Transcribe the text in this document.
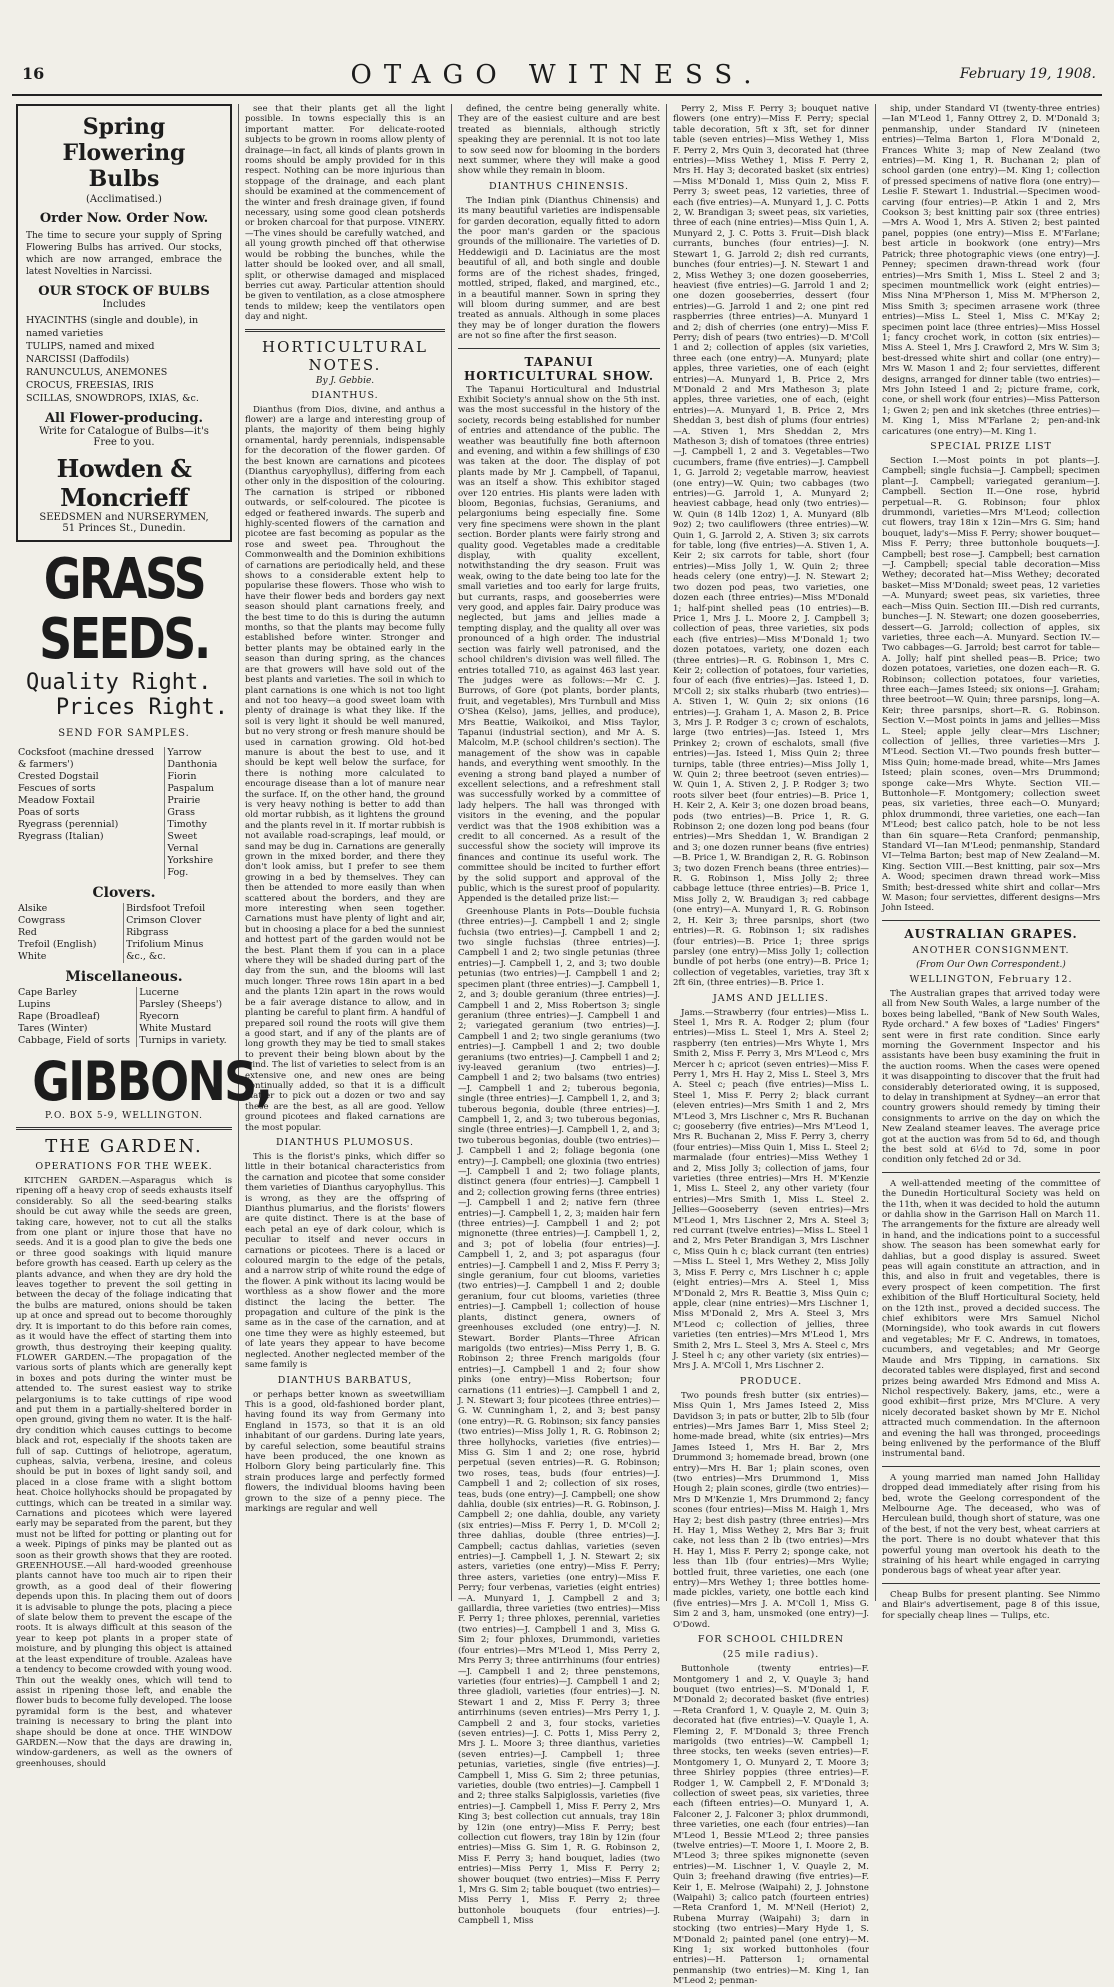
16	OTAGO WITNESS.	February 19, 1908.
Spring Flowering Bulbs
(Acclimatised.)
Order Now. Order Now.
The time to secure your supply of Spring Flowering Bulbs has arrived. Our stocks, which are now arranged, embrace the latest Novelties in Narcissi.
OUR STOCK OF BULBS
Includes
HYACINTHS (single and double), in named varieties
TULIPS, named and mixed
NARCISSI (Daffodils)
RANUNCULUS, ANEMONES
CROCUS, FREESIAS, IRIS
SCILLAS, SNOWDROPS, IXIAS, &c.
All Flower-producing.
Write for Catalogue of Bulbs—it's Free to you.
Howden & Moncrieff
SEEDSMEN and NURSERYMEN,
51 Princes St., Dunedin.
GRASS SEEDS.
Quality Right.
Prices Right.
SEND FOR SAMPLES.
Cocksfoot (machine dressed & farmers')
Crested Dogstail
Fescues of sorts
Meadow Foxtail
Poas of sorts
Ryegrass (perennial)
Ryegrass (Italian)

Yarrow
Danthonia
Fiorin
Paspalum
Prairie Grass
Timothy
Sweet Vernal
Yorkshire Fog.
Clovers.
Alsike
Cowgrass
Red
Trefoil (English)
White

Birdsfoot Trefoil
Crimson Clover
Ribgrass
Trifolium Minus
&c., &c.
Miscellaneous.
Cape Barley
Lupins
Rape (Broadleaf)
Tares (Winter)
Cabbage, Field of sorts

Lucerne
Parsley (Sheeps')
Ryecorn
White Mustard
Turnips in variety.
GIBBONS,
P.O. BOX 5-9, WELLINGTON.
THE GARDEN.
OPERATIONS FOR THE WEEK.

KITCHEN GARDEN.—Asparagus which is ripening off a heavy crop of seeds exhausts itself considerably. So all the seed-bearing stalks should be cut away while the seeds are green, taking care, however, not to cut all the stalks from one plant or injure those that have no seeds. And it is a good plan to give the beds one or three good soakings with liquid manure before growth has ceased. Earth up celery as the plants advance, and when they are dry hold the leaves together to prevent the soil getting in between the decay of the foliage indicating that the bulbs are matured, onions should be taken up at once and spread out to become thoroughly dry. It is important to do this before rain comes, as it would have the effect of starting them into growth, thus destroying their keeping quality. FLOWER GARDEN.—The propagation of the various sorts of plants which are generally kept in boxes and pots during the winter must be attended to. The surest easiest way to strike pelargoniums is to take cuttings of ripe wood and put them in a partially-sheltered border in open ground, giving them no water. It is the half-dry condition which causes cuttings to become black and rot, especially if the shoots taken are full of sap. Cuttings of heliotrope, ageratum, cupheas, salvia, verbena, iresine, and coleus should be put in boxes of light sandy soil, and placed in a close frame with a slight bottom heat. Choice hollyhocks should be propagated by cuttings, which can be treated in a similar way. Carnations and picotees which were layered early may be separated from the parent, but they must not be lifted for potting or planting out for a week. Pipings of pinks may be planted out as soon as their growth shows that they are rooted. GREENHOUSE.—All hard-wooded greenhouse plants cannot have too much air to ripen their growth, as a good deal of their flowering depends upon this. In placing them out of doors it is advisable to plunge the pots, placing a piece of slate below them to prevent the escape of the roots. It is always difficult at this season of the year to keep pot plants in a proper state of moisture, and by plunging this object is attained at the least expenditure of trouble. Azaleas have a tendency to become crowded with young wood. Thin out the weakly ones, which will tend to assist in ripening those left, and enable the flower buds to become fully developed. The loose pyramidal form is the best, and whatever training is necessary to bring the plant into shape should be done at once. THE WINDOW GARDEN.—Now that the days are drawing in, window-gardeners, as well as the owners of greenhouses, should

see that their plants get all the light possible. In towns especially this is an important matter. For delicate-rooted subjects to be grown in rooms allow plenty of drainage—in fact, all kinds of plants grown in rooms should be amply provided for in this respect. Nothing can be more injurious than stoppage of the drainage, and each plant should be examined at the commencement of the winter and fresh drainage given, if found necessary, using some good clean potsherds or broken charcoal for that purpose. VINERY.—The vines should be carefully watched, and all young growth pinched off that otherwise would be robbing the bunches, while the latter should be looked over, and all small, split, or otherwise damaged and misplaced berries cut away. Particular attention should be given to ventilation, as a close atmosphere tends to mildew; keep the ventilators open day and night.

HORTICULTURAL NOTES.
By J. Gebbie.
DIANTHUS.

Dianthus (from Dios, divine, and anthus a flower) are a large and interesting group of plants, the majority of them being highly ornamental, hardy perennials, indispensable for the decoration of the flower garden. Of the best known are carnations and picotees (Dianthus caryophyllus), differing from each other only in the disposition of the colouring. The carnation is striped or ribboned outwards, or self-coloured. The picotee is edged or feathered inwards. The superb and highly-scented flowers of the carnation and picotee are fast becoming as popular as the rose and sweet pea. Throughout the Commonwealth and the Dominion exhibitions of carnations are periodically held, and these shows to a considerable extent help to popularise these flowers. Those who wish to have their flower beds and borders gay next season should plant carnations freely, and the best time to do this is during the autumn months, so that the plants may become fully established before winter. Stronger and better plants may be obtained early in the season than during spring, as the chances are that growers will have sold out of the best plants and varieties. The soil in which to plant carnations is one which is not too light and not too heavy—a good sweet loam with plenty of drainage is what they like. If the soil is very light it should be well manured, but no very strong or fresh manure should be used in carnation growing. Old hot-bed manure is about the best to use, and it should be kept well below the surface, for there is nothing more calculated to encourage disease than a lot of manure near the surface. If, on the other hand, the ground is very heavy nothing is better to add than old mortar rubbish, as it lightens the ground and the plants revel in it. If mortar rubbish is not available road-scrapings, leaf mould, or sand may be dug in. Carnations are generally grown in the mixed border, and there they don't look amiss, but I prefer to see them growing in a bed by themselves. They can then be attended to more easily than when scattered about the borders, and they are more interesting when seen together. Carnations must have plenty of light and air, but in choosing a place for a bed the sunniest and hottest part of the garden would not be the best. Plant them if you can in a place where they will be shaded during part of the day from the sun, and the blooms will last much longer. Three rows 18in apart in a bed and the plants 12in apart in the rows would be a fair average distance to allow, and in planting be careful to plant firm. A handful of prepared soil round the roots will give them a good start, and if any of the plants are of long growth they may be tied to small stakes to prevent their being blown about by the wind. The list of varieties to select from is an extensive one, and new ones are being continually added, so that it is a difficult matter to pick out a dozen or two and say these are the best, as all are good. Yellow ground picotees and flaked carnations are the most popular.

DIANTHUS PLUMOSUS.

This is the florist's pinks, which differ so little in their botanical characteristics from the carnation and picotee that some consider them varieties of Dianthus caryophyllus. This is wrong, as they are the offspring of Dianthus plumarius, and the florists' flowers are quite distinct. There is at the base of each petal an eye of dark colour, which is peculiar to itself and never occurs in carnations or picotees. There is a laced or coloured margin to the edge of the petals, and a narrow strip of white round the edge of the flower. A pink without its lacing would be worthless as a show flower and the more distinct the lacing the better. The propagation and culture of the pink is the same as in the case of the carnation, and at one time they were as highly esteemed, but of late years they appear to have become neglected. Another neglected member of the same family is

DIANTHUS BARBATUS,

or perhaps better known as sweetwilliam This is a good, old-fashioned border plant, having found its way from Germany into England in 1573, so that it is an old inhabitant of our gardens. During late years, by careful selection, some beautiful strains have been produced, the one known as Holborn Glory being particularly fine. This strain produces large and perfectly formed flowers, the individual blooms having been grown to the size of a penny piece. The markings are regular and well

defined, the centre being generally white. They are of the easiest culture and are best treated as biennials, although strictly speaking they are perennial. It is not too late to sow seed now for blooming in the borders next summer, where they will make a good show while they remain in bloom.

DIANTHUS CHINENSIS.

The Indian pink (Dianthus Chinensis) and its many beautiful varieties are indispensable for garden decoration, equally fitted to adorn the poor man's garden or the spacious grounds of the millionaire. The varieties of D. Heddewigii and D. Laciniatus are the most beautiful of all, and both single and double forms are of the richest shades, fringed, mottled, striped, flaked, and margined, etc., in a beautiful manner. Sown in spring they will bloom during summer, and are best treated as annuals. Although in some places they may be of longer duration the flowers are not so fine after the first season.

TAPANUI HORTICULTURAL SHOW.

The Tapanui Horticultural and Industrial Exhibit Society's annual show on the 5th inst. was the most successful in the history of the society, records being established for number of entries and attendance of the public. The weather was beautifully fine both afternoon and evening, and within a few shillings of £30 was taken at the door. The display of pot plants made by Mr J. Campbell, of Tapanui, was an itself a show. This exhibitor staged over 120 entries. His plants were laden with bloom, Begonias, fuchsias, Geraniums, and pelargoniums being especially fine. Some very fine specimens were shown in the plant section. Border plants were fairly strong and quality good. Vegetables made a creditable display, with quality excellent, notwithstanding the dry season. Fruit was weak, owing to the date being too late for the small varieties and too early for large fruits, but currants, rasps, and gooseberries were very good, and apples fair. Dairy produce was neglected, but jams and jellies made a tempting display, and the quality all over was pronounced of a high order. The industrial section was fairly well patronised, and the school children's division was well filled. The entries totalled 710, as against 463 last year. The judges were as follows:—Mr C. J. Burrows, of Gore (pot plants, border plants, fruit, and vegetables), Mrs Turnbull and Miss O'Shea (Kelso), jams, jellies, and produce), Mrs Beattie, Waikoikoi, and Miss Taylor, Tapanui (industrial section), and Mr A. S. Malcolm, M.P. (school children's section). The management of the show was in capable hands, and everything went smoothly. In the evening a strong band played a number of excellent selections, and a refreshment stall was successfully worked by a committee of lady helpers. The hall was thronged with visitors in the evening, and the popular verdict was that the 1908 exhibition was a credit to all concerned. As a result of the successful show the society will improve its finances and continue its useful work. The committee should be incited to further effort by the solid support and approval of the public, which is the surest proof of popularity. Appended is the detailed prize list:—

Greenhouse Plants in Pots—Double fuchsia (three entries)—J. Campbell 1 and 2; single fuchsia (two entries)—J. Campbell 1 and 2; two single fuchsias (three entries)—J. Campbell 1 and 2; two single petunias (three entries)—J. Campbell 1, 2, and 3; two double petunias (two entries)—J. Campbell 1 and 2; specimen plant (three entries)—J. Campbell 1, 2, and 3; double geranium (three entries)—J. Campbell 1 and 2, Miss Robertson 3; single geranium (three entries)—J. Campbell 1 and 2; variegated geranium (two entries)—J. Campbell 1 and 2; two single geraniums (two entries)—J. Campbell 1 and 2; two double geraniums (two entries)—J. Campbell 1 and 2; ivy-leaved geranium (two entries)—J. Campbell 1 and 2; two balsams (two entries)—J. Campbell 1 and 2; tuberous begonia, single (three entries)—J. Campbell 1, 2, and 3; tuberous begonia, double (three entries)—J. Campbell 1, 2, and 3; two tuberous begonias, single (three entries)—J. Campbell 1, 2, and 3; two tuberous begonias, double (two entries)—J. Campbell 1 and 2; foliage begonia (one entry)—J. Campbell; one gloxinia (two entries)—J. Campbell 1 and 2; two foliage plants, distinct genera (four entries)—J. Campbell 1 and 2; collection growing ferns (three entries)—J. Campbell 1 and 2; native fern (three entries)—J. Campbell 1, 2, 3; maiden hair fern (three entries)—J. Campbell 1 and 2; pot mignonette (three entries)—J. Campbell 1, 2, and 3; pot of lobelia (four entries)—J. Campbell 1, 2, and 3; pot asparagus (four entries)—J. Campbell 1 and 2, Miss F. Perry 3; single geranium, four cut blooms, varieties (two entries)—J. Campbell 1 and 2; double geranium, four cut blooms, varieties (three entries)—J. Campbell 1; collection of house plants, distinct genera, owners of greenhouses excluded (one entry)—J. N. Stewart. Border Plants—Three African marigolds (two entries)—Miss Perry 1, B. G. Robinson 2; three French marigolds (four entries)—J. Campbell 1 and 2; four show pinks (one entry)—Miss Robertson; four carnations (11 entries)—J. Campbell 1 and 2, J. N. Stewart 3; four picotees (three entries)—G. W. Cunningham 1, 2, and 3; best pansy (one entry)—R. G. Robinson; six fancy pansies (two entries)—Miss Jolly 1, R. G. Robinson 2; three hollyhocks, varieties (five entries)—Miss G. Sim 1 and 2; one rose, hybrid perpetual (seven entries)—R. G. Robinson; two roses, teas, buds (four entries)—J. Campbell 1 and 2; collection of six roses, teas, buds (one entry)—J. Campbell; one show dahlia, double (six entries)—R. G. Robinson, J. Campbell 2; one dahlia, double, any variety (six entries)—Miss F. Perry 1, D. M'Coll 2; three dahlias, double (three entries)—J. Campbell; cactus dahlias, varieties (seven entries)—J. Campbell 1, J. N. Stewart 2; six asters, varieties (one entry)—Miss F. Perry; three asters, varieties (one entry)—Miss F. Perry; four verbenas, varieties (eight entries)—A. Munyard 1, J. Campbell 2 and 3; gaillardia, three varieties (two entries)—Miss F. Perry 1; three phloxes, perennial, varieties (two entries)—J. Campbell 1 and 3, Miss G. Sim 2; four phloxes, Drummondi, varieties (four entries)—Mrs M'Leod 1, Miss Perry 2, Mrs Perry 3; three antirrhinums (four entries)—J. Campbell 1 and 2; three penstemons, varieties (four entries)—J. Campbell 1 and 2; three gladioli, varieties (four entries)—J. N. Stewart 1 and 2, Miss F. Perry 3; three antirrhinums (seven entries)—Mrs Perry 1, J. Campbell 2 and 3, four stocks, varieties (seven entries)—J. C. Potts 1, Miss Perry 2, Mrs J. L. Moore 3; three dianthus, varieties (seven entries)—J. Campbell 1; three petunias, varieties, single (five entries)—J. Campbell 1, Miss G. Sim 2; three petunias, varieties, double (two entries)—J. Campbell 1 and 2; three stalks Salpiglossis, varieties (five entries)—J. Campbell 1, Miss F. Perry 2, Mrs King 3; best collection cut annuals, tray 18in by 12in (one entry)—Miss F. Perry; best collection cut flowers, tray 18in by 12in (four entries)—Miss G. Sim 1, R. G. Robinson 2, Miss F. Perry 3; hand bouquet, ladies (two entries)—Miss Perry 1, Miss F. Perry 2; shower bouquet (two entries)—Miss F. Perry 1, Mrs G. Sim 2; table bouquet (two entries)—Miss Perry 1, Miss F. Perry 2; three buttonhole bouquets (four entries)—J. Campbell 1, Miss

Perry 2, Miss F. Perry 3; bouquet native flowers (one entry)—Miss F. Perry; special table decoration, 5ft x 3ft, set for dinner table (seven entries)—Miss Wethey 1, Miss F. Perry 2, Mrs Quin 3, decorated hat (three entries)—Miss Wethey 1, Miss F. Perry 2, Mrs H. Hay 3; decorated basket (six entries)—Miss M'Donald 1, Miss Quin 2, Miss F. Perry 3; sweet peas, 12 varieties, three of each (five entries)—A. Munyard 1, J. C. Potts 2, W. Brandigan 3; sweet peas, six varieties, three of each (nine entries)—Miss Quin 1, A. Munyard 2, J. C. Potts 3. Fruit—Dish black currants, bunches (four entries)—J. N. Stewart 1, G. Jarrold 2; dish red currants, bunches (four entries)—J. N. Stewart 1 and 2, Miss Wethey 3; one dozen gooseberries, heaviest (five entries)—G. Jarrold 1 and 2; one dozen gooseberries, dessert (four entries)—G. Jarrold 1 and 2; one pint red raspberries (three entries)—A. Munyard 1 and 2; dish of cherries (one entry)—Miss F. Perry; dish of pears (two entries)—D. M'Coll 1 and 2; collection of apples (six varieties, three each (one entry)—A. Munyard; plate apples, three varieties, one of each (eight entries)—A. Munyard 1, B. Price 2, Mrs M'Donald 2 and Mrs Matheson 3; plate apples, three varieties, one of each, (eight entries)—A. Munyard 1, B. Price 2, Mrs Sheddan 3, best dish of plums (four entries)—A. Stiven 1, Mrs Sheddan 2, Mrs Matheson 3; dish of tomatoes (three entries)—J. Campbell 1, 2 and 3. Vegetables—Two cucumbers, frame (five entries)—J. Campbell 1, G. Jarrold 2; vegetable marrow, heaviest (one entry)—W. Quin; two cabbages (two entries)—G. Jarrold 1, A. Munyard 2; heaviest cabbage, head only (two entries)—W. Quin (8 14lb 12oz) 1, A. Munyard (8lb 9oz) 2; two cauliflowers (three entries)—W. Quin 1, G. Jarrold 2, A. Stiven 3; six carrots for table, long (five entries)—A. Stiven 1, A. Keir 2; six carrots for table, short (four entries)—Miss Jolly 1, W. Quin 2; three heads celery (one entry)—J. N. Stewart 2; two dozen pod peas, two varieties, one dozen each (three entries)—Miss M'Donald 1; half-pint shelled peas (10 entries)—B. Price 1, Mrs J. L. Moore 2, J. Campbell 3; collection of peas, three varieties, six pods each (five entries)—Miss M'Donald 1; two dozen potatoes, variety, one dozen each (three entries)—R. G. Robinson 1, Mrs C. Keir 2; collection of potatoes, four varieties, four of each (five entries)—Jas. Isteed 1, D. M'Coll 2; six stalks rhubarb (two entries)—A. Stiven 1, W. Quin 2; six onions (16 entries)—J. Graham 1, A. Mason 2, B. Price 3, Mrs J. P. Rodger 3 c; crown of eschalots, large (two entries)—Jas. Isteed 1, Mrs Prinkey 2; crown of eschalots, small (five entries)—Jas. Isteed 1, Miss Quin 2; three turnips, table (three entries)—Miss Jolly 1, W. Quin 2; three beetroot (seven entries)—W. Quin 1, A. Stiven 2, J. P. Rodger 3; two roots silver beet (four entries)—B. Price 1, H. Keir 2, A. Keir 3; one dozen broad beans, pods (two entries)—B. Price 1, R. G. Robinson 2; one dozen long pod beans (four entries)—Mrs Sheddan 1, W. Brandigan 2 and 3; one dozen runner beans (five entries)—B. Price 1, W. Brandigan 2, R. G. Robinson 3; two dozen French beans (three entries)—R. G. Robinson 1, Miss Jolly 2; three cabbage lettuce (three entries)—B. Price 1, Miss Jolly 2, W. Braudigan 3; red cabbage (one entry)—A. Munyard 1, R. G. Robinson 2, H. Keir 3; three parsnips, short (two entries)—R. G. Robinson 1; six radishes (four entries)—B. Price 1; three sprigs parsley (one entry)—Miss Jolly 1; collection bundle of pot herbs (one entry)—B. Price 1; collection of vegetables, varieties, tray 3ft x 2ft 6in, (three entries)—B. Price 1.

JAMS AND JELLIES.

Jams.—Strawberry (four entries)—Miss L. Steel 1, Mrs R. A. Rodger 2; plum (four entries)—Miss L. Steel 1, Mrs A. Steel 2; raspberry (ten entries)—Mrs Whyte 1, Mrs Smith 2, Miss F. Perry 3, Mrs M'Leod c, Mrs Mercer h c; apricot (seven entries)—Miss F. Perry 1, Mrs H. Hay 2, Miss L. Steel 3, Mrs A. Steel c; peach (five entries)—Miss L. Steel 1, Miss F. Perry 2; black currant (eleven entries)—Mrs Smith 1 and 2, Mrs M'Leod 3, Mrs Lischner c, Mrs R. Buchanan c; gooseberry (five entries)—Mrs M'Leod 1, Mrs R. Buchanan 2, Miss F. Perry 3, cherry (four entries)—Miss Quin 1, Miss L. Steel 2; marmalade (four entries)—Miss Wethey 1 and 2, Miss Jolly 3; collection of jams, four varieties (three entries)—Mrs H. M'Kenzie 1, Miss L. Steel 2, any other variety (four entries)—Mrs Smith 1, Miss L. Steel 2. Jellies—Gooseberry (seven entries)—Mrs M'Leod 1, Mrs Lischner 2, Mrs A. Steel 3; red currant (twelve entries)—Miss L. Steel 1 and 2, Mrs Peter Brandigan 3, Mrs Lischner c, Miss Quin h c; black currant (ten entries)—Miss L. Steel 1, Mrs Wethey 2, Miss Jolly 3, Miss F. Perry c, Mrs Lischner h c; apple (eight entries)—Mrs A. Steel 1, Miss M'Donald 2, Mrs R. Beattie 3, Miss Quin c; apple, clear (nine entries)—Mrs Lischner 1, Miss M'Donald 2, Mrs A. Steel 3, Mrs M'Leod c; collection of jellies, three varieties (ten entries)—Mrs M'Leod 1, Mrs Smith 2, Mrs L. Steel 3, Mrs A. Steel c, Mrs J. Steel h c; any other variety (six entries)—Mrs J. A. M'Coll 1, Mrs Lischner 2.

PRODUCE.

Two pounds fresh butter (six entries)—Miss Quin 1, Mrs James Isteed 2, Miss Davidson 3; in pats or butter, 2lb to 5lb (four entries)—Mrs James Barr 1, Miss Steel 2; home-made bread, white (six entries)—Mrs James Isteed 1, Mrs H. Bar 2, Mrs Drummond 3; homemade bread, brown (one entry)—Mrs H. Bar 1; plain scones, oven (two entries)—Mrs Drummond 1, Miss Hough 2; plain scones, girdle (two entries)—Mrs D M'Kenzie 1, Mrs Drummond 2; fancy scones (four entries)—Miss M. Haigh 1, Mrs Hay 2; best dish pastry (three entries)—Mrs H. Hay 1, Miss Wethey 2, Mrs Bar 3; fruit cake, not less than 2 lb (two entries)—Mrs H. Hay 1, Miss F. Perry 2; sponge cake, not less than 1lb (four entries)—Mrs Wylie; bottled fruit, three varieties, one each (one entry)—Mrs Wethey 1; three bottles home-made pickles, variety, one bottle each kind (five entries)—Mrs J. A. M'Coll 1, Miss G. Sim 2 and 3, ham, unsmoked (one entry)—J. O'Dowd.

FOR SCHOOL CHILDREN
(25 mile radius).

Buttonhole (twenty entries)—F. Montgomery 1 and 2, V. Quayle 3; hand bouquet (two entries)—S. M'Donald 1, F. M'Donald 2; decorated basket (five entries)—Reta Cranford 1, V. Quayle 2, M. Quin 3; decorated hat (five entries)—V. Quayle 1, A. Fleming 2, F. M'Donald 3; three French marigolds (two entries)—W. Campbell 1; three stocks, ten weeks (seven entries)—F. Montgomery 1, O. Munyard 2, T. Moore 3; three Shirley poppies (three entries)—F. Rodger 1, W. Campbell 2, F. M'Donald 3; collection of sweet peas, six varieties, three each (fifteen entries)—O. Munyard 1, A. Falconer 2, J. Falconer 3; phlox drummondi, three varieties, one each (four entries)—Ian M'Leod 1, Bessie M'Leod 2; three pansies (twelve entries)—T. Moore 1, I. Moore 2, B. M'Leod 3; three spikes mignonette (seven entries)—M. Lischner 1, V. Quayle 2, M. Quin 3; freehand drawing (five entries)—F. Keir 1, E. Melrose (Waipahi) 2, J. Johnstone (Waipahi) 3; calico patch (fourteen entries)—Reta Cranford 1, M. M'Neil (Heriot) 2, Rubena Murray (Waipahi) 3; darn in stocking (two entries)—Mary Hyde 1, S. M'Donald 2; painted panel (one entry)—M. King 1; six worked buttonholes (four entries)—H. Patterson 1; ornamental penmanship (two entries)—M. King 1, Ian M'Leod 2; penman-

ship, under Standard VI (twenty-three entries)—Ian M'Leod 1, Fanny Ottrey 2, D. M'Donald 3; penmanship, under Standard IV (nineteen entries)—Telma Barton 1, Flora M'Donald 2, Frances White 3; map of New Zealand (two entries)—M. King 1, R. Buchanan 2; plan of school garden (one entry)—M. King 1; collection of pressed specimens of native flora (one entry)—Leslie F. Stewart 1. Industrial.—Specimen wood-carving (four entries)—P. Atkin 1 and 2, Mrs Cookson 3; best knitting pair sox (three entries)—Mrs A. Wood 1, Mrs A. Stiven 2; best painted panel, poppies (one entry)—Miss E. M'Farlane; best article in bookwork (one entry)—Mrs Patrick; three photographic views (one entry)—J. Penney; specimen drawn-thread work (four entries)—Mrs Smith 1, Miss L. Steel 2 and 3; specimen mountmellick work (eight entries)—Miss Nina M'Pherson 1, Miss M. M'Pherson 2, Miss Smith 3; specimen arrasene work (three entries)—Miss L. Steel 1, Miss C. M'Kay 2; specimen point lace (three entries)—Miss Hossel 1; fancy crochet work, in cotton (six entries)—Miss A. Steel 1, Mrs J. Crawford 2, Mrs W. Sim 3; best-dressed white shirt and collar (one entry)—Mrs W. Mason 1 and 2; four serviettes, different designs, arranged for dinner table (two entries)—Mrs John Isteed 1 and 2; picture frame, cork, cone, or shell work (four entries)—Miss Patterson 1; Gwen 2; pen and ink sketches (three entries)—M. King 1, Miss M'Farlane 2; pen-and-ink caricatures (one entry)—M. King 1.

SPECIAL PRIZE LIST

Section I.—Most points in pot plants—J. Campbell; single fuchsia—J. Campbell; specimen plant—J. Campbell; variegated geranium—J. Campbell. Section II.—One rose, hybrid perpetual—R. G. Robinson; four phlox drummondi, varieties—Mrs M'Leod; collection cut flowers, tray 18in x 12in—Mrs G. Sim; hand bouquet, lady's—Miss F. Perry; shower bouquet—Miss F. Perry; three buttonhole bouquets—J. Campbell; best rose—J. Campbell; best carnation—J. Campbell; special table decoration—Miss Wethey; decorated hat—Miss Wethey; decorated basket—Miss M'Donald; sweet peas, 12 varieties—A. Munyard; sweet peas, six varieties, three each—Miss Quin. Section III.—Dish red currants, bunches—J. N. Stewart; one dozen gooseberries, dessert—G. Jarrold; collection of apples, six varieties, three each—A. Munyard. Section IV.—Two cabbages—G. Jarrold; best carrot for table—A. Jolly; half pint shelled peas—B. Price; two dozen potatoes, varieties, one dozen each—R. G. Robinson; collection potatoes, four varieties, three each—James Isteed; six onions—J. Graham; three beetroot—W. Quin; three parsnips, long—A. Keir; three parsnips, short—R. G. Robinson. Section V.—Most points in jams and jellies—Miss L. Steel; apple jelly clear—Mrs Lischner; collection of jellies, three varieties—Mrs J. M'Leod. Section VI.—Two pounds fresh butter—Miss Quin; home-made bread, white—Mrs James Isteed; plain scones, oven—Mrs Drummond; sponge cake—Mrs Whyte. Section VII.—Buttonhole—F. Montgomery; collection sweet peas, six varieties, three each—O. Munyard; phlox drummondi, three varieties, one each—Ian M'Leod; best calico patch, hole to be not less than 6in square—Reta Cranford; penmanship, Standard VI—Ian M'Leod; penmanship, Standard VI—Telma Barton; best map of New Zealand—M. King. Section VIII.—Best knitting, pair sox—Mrs A. Wood; specimen drawn thread work—Miss Smith; best-dressed white shirt and collar—Mrs W. Mason; four serviettes, different designs—Mrs John Isteed.

AUSTRALIAN GRAPES.
ANOTHER CONSIGNMENT.
(From Our Own Correspondent.)
WELLINGTON, February 12.

The Australian grapes that arrived today were all from New South Wales, a large number of the boxes being labelled, "Bank of New South Wales, Ryde orchard." A few boxes of "Ladies' Fingers" sent were in first rate condition. Since early morning the Government Inspector and his assistants have been busy examining the fruit in the auction rooms. When the cases were opened it was disappointing to discover that the fruit had considerably deteriorated owing, it is supposed, to delay in transhipment at Sydney—an error that country growers should remedy by timing their consignments to arrive on the day on which the New Zealand steamer leaves. The average price got at the auction was from 5d to 6d, and though the best sold at 6½d to 7d, some in poor condition only fetched 2d or 3d.

A well-attended meeting of the committee of the Dunedin Horticultural Society was held on the 11th, when it was decided to hold the autumn or dahlia show in the Garrison Hall on March 11. The arrangements for the fixture are already well in hand, and the indications point to a successful show. The season has been somewhat early for dahlias, but a good display is assured. Sweet peas will again constitute an attraction, and in this, and also in fruit and vegetables, there is every prospect of keen competition. The first exhibition of the Bluff Horticultural Society, held on the 12th inst., proved a decided success. The chief exhibitors were Mrs Samuel Nichol (Morningside), who took awards in cut flowers and vegetables; Mr F. C. Andrews, in tomatoes, cucumbers, and vegetables; and Mr George Maude and Mrs Tipping, in carnations. Six decorated tables were displayed, first and second prizes being awarded Mrs Edmond and Miss A. Nichol respectively. Bakery, jams, etc., were a good exhibit—first prize, Mrs M'Clure. A very nicely decorated basket shown by Mr E. Nichol attracted much commendation. In the afternoon and evening the hall was thronged, proceedings being enlivened by the performance of the Bluff instrumental band.

A young married man named John Halliday dropped dead immediately after rising from his bed, wrote the Geelong correspondent of the Melbourne Age. The deceased, who was of Herculean build, though short of stature, was one of the best, if not the very best, wheat carriers at the port. There is no doubt whatever that this powerful young man overtook his death to the straining of his heart while engaged in carrying ponderous bags of wheat year after year.

Cheap Bulbs for present planting. See Nimmo and Blair's advertisement, page 8 of this issue, for specially cheap lines — Tulips, etc.
